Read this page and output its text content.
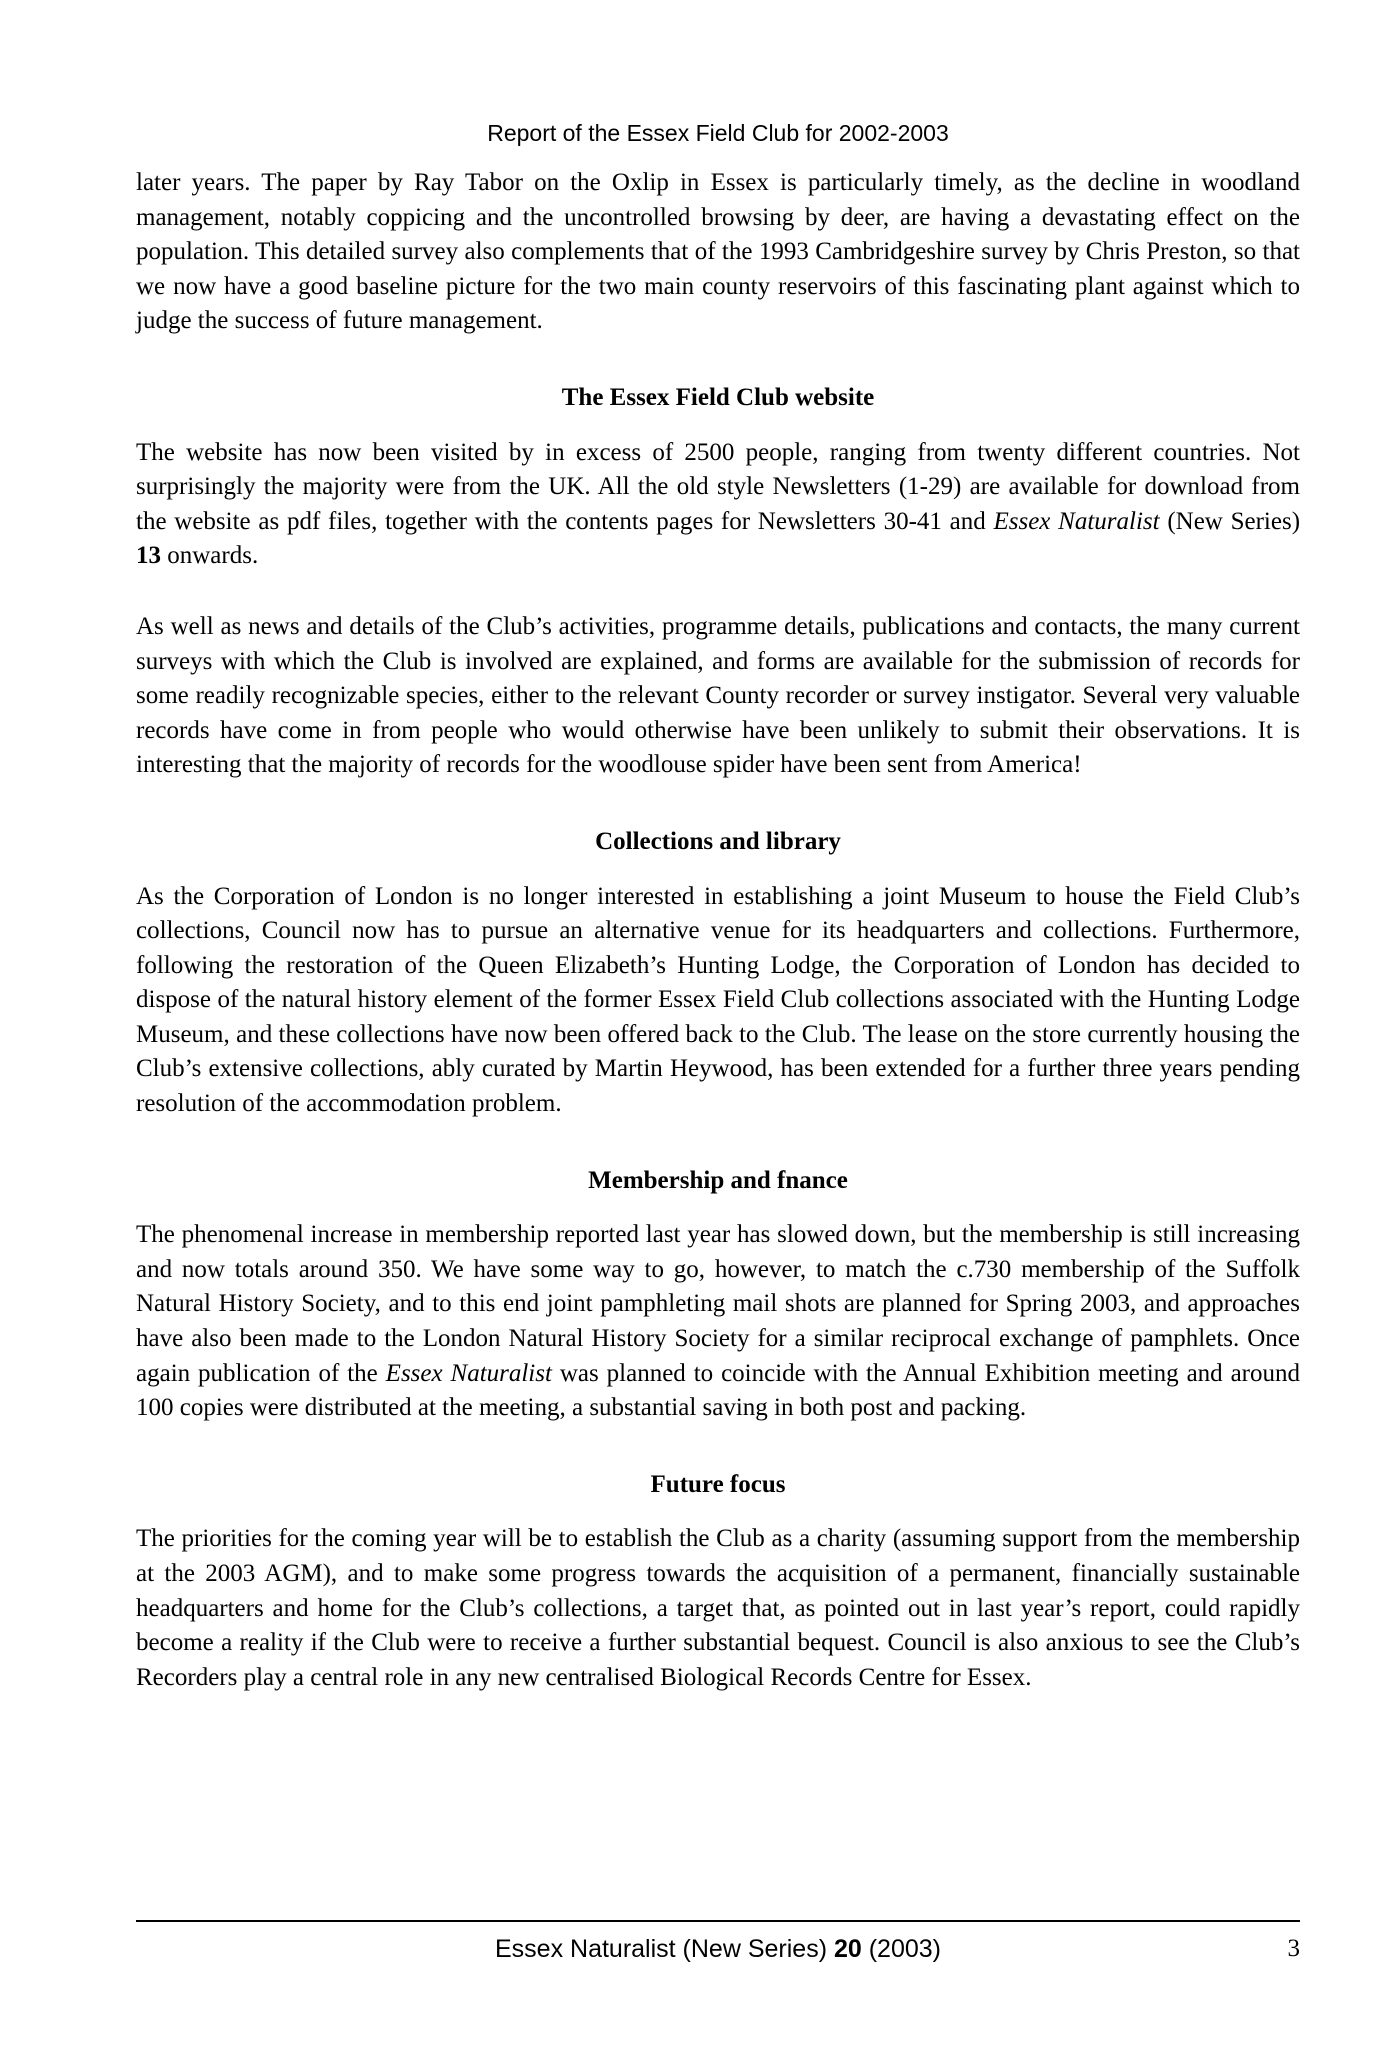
Report of the Essex Field Club for 2002-2003

later years. The paper by Ray Tabor on the Oxlip in Essex is particularly timely, as the decline in woodland management, notably coppicing and the uncontrolled browsing by deer, are having a devastating effect on the population. This detailed survey also complements that of the 1993 Cambridgeshire survey by Chris Preston, so that we now have a good baseline picture for the two main county reservoirs of this fascinating plant against which to judge the success of future management.

The Essex Field Club website

The website has now been visited by in excess of 2500 people, ranging from twenty different countries. Not surprisingly the majority were from the UK. All the old style Newsletters (1-29) are available for download from the website as pdf files, together with the contents pages for Newsletters 30-41 and Essex Naturalist (New Series) 13 onwards.

As well as news and details of the Club’s activities, programme details, publications and contacts, the many current surveys with which the Club is involved are explained, and forms are available for the submission of records for some readily recognizable species, either to the relevant County recorder or survey instigator. Several very valuable records have come in from people who would otherwise have been unlikely to submit their observations. It is interesting that the majority of records for the woodlouse spider have been sent from America!

Collections and library

As the Corporation of London is no longer interested in establishing a joint Museum to house the Field Club’s collections, Council now has to pursue an alternative venue for its headquarters and collections. Furthermore, following the restoration of the Queen Elizabeth’s Hunting Lodge, the Corporation of London has decided to dispose of the natural history element of the former Essex Field Club collections associated with the Hunting Lodge Museum, and these collections have now been offered back to the Club. The lease on the store currently housing the Club’s extensive collections, ably curated by Martin Heywood, has been extended for a further three years pending resolution of the accommodation problem.

Membership and fnance

The phenomenal increase in membership reported last year has slowed down, but the membership is still increasing and now totals around 350. We have some way to go, however, to match the c.730 membership of the Suffolk Natural History Society, and to this end joint pamphleting mail shots are planned for Spring 2003, and approaches have also been made to the London Natural History Society for a similar reciprocal exchange of pamphlets. Once again publication of the Essex Naturalist was planned to coincide with the Annual Exhibition meeting and around 100 copies were distributed at the meeting, a substantial saving in both post and packing.

Future focus

The priorities for the coming year will be to establish the Club as a charity (assuming support from the membership at the 2003 AGM), and to make some progress towards the acquisition of a permanent, financially sustainable headquarters and home for the Club’s collections, a target that, as pointed out in last year’s report, could rapidly become a reality if the Club were to receive a further substantial bequest. Council is also anxious to see the Club’s Recorders play a central role in any new centralised Biological Records Centre for Essex.

Essex Naturalist (New Series) 20 (2003)	3
